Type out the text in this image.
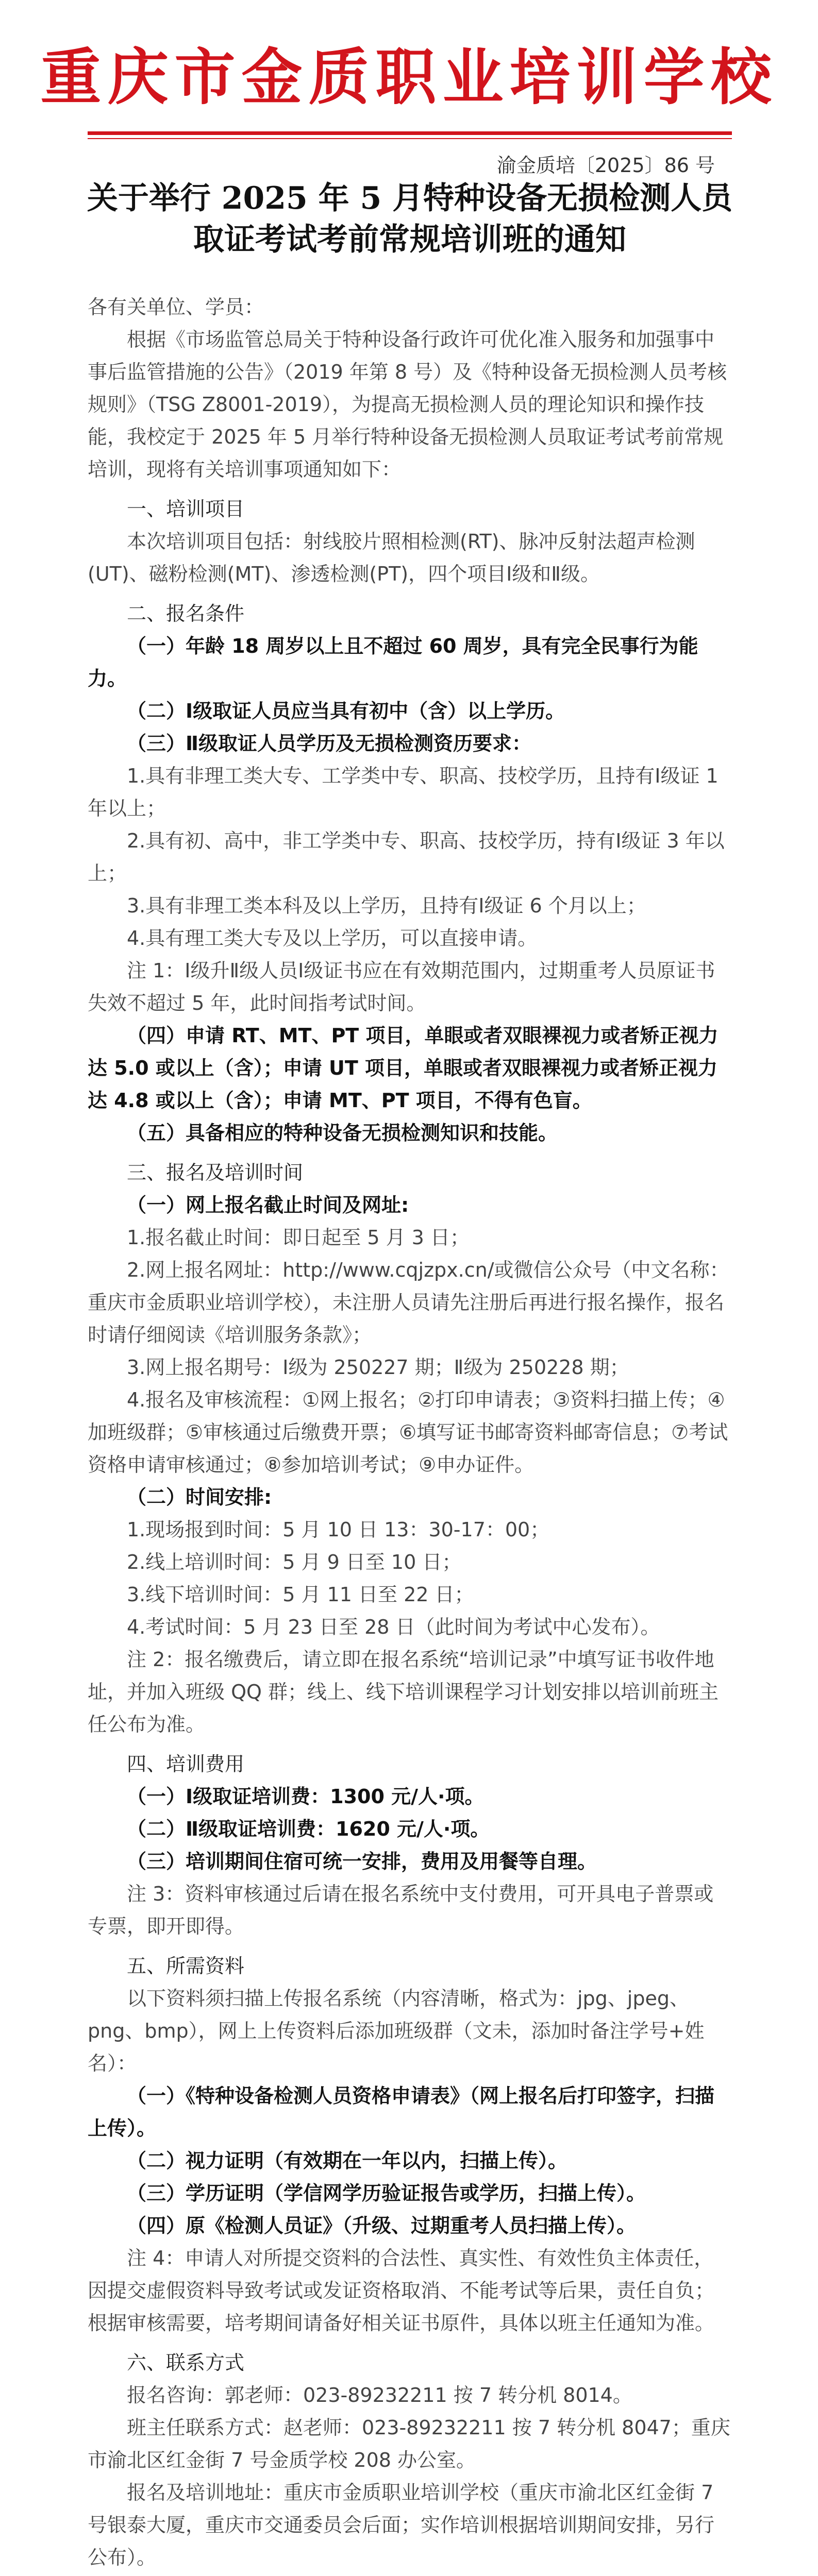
重庆市金质职业培训学校
渝金质培〔2025〕86 号
关于举行 2025 年 5 月特种设备无损检测人员
取证考试考前常规培训班的通知

各有关单位、学员：

根据《市场监管总局关于特种设备行政许可优化准入服务和加强事中事后监管措施的公告》（2019 年第 8 号）及《特种设备无损检测人员考核规则》（TSG Z8001-2019），为提高无损检测人员的理论知识和操作技能，我校定于 2025 年 5 月举行特种设备无损检测人员取证考试考前常规培训，现将有关培训事项通知如下：

一、培训项目

本次培训项目包括：射线胶片照相检测(RT)、脉冲反射法超声检测(UT)、磁粉检测(MT)、渗透检测(PT)，四个项目Ⅰ级和Ⅱ级。

二、报名条件

（一）年龄 18 周岁以上且不超过 60 周岁，具有完全民事行为能力。

（二）Ⅰ级取证人员应当具有初中（含）以上学历。

（三）Ⅱ级取证人员学历及无损检测资历要求：

1.具有非理工类大专、工学类中专、职高、技校学历，且持有Ⅰ级证 1 年以上；

2.具有初、高中，非工学类中专、职高、技校学历，持有Ⅰ级证 3 年以上；

3.具有非理工类本科及以上学历，且持有Ⅰ级证 6 个月以上；

4.具有理工类大专及以上学历，可以直接申请。

注 1：Ⅰ级升Ⅱ级人员Ⅰ级证书应在有效期范围内，过期重考人员原证书失效不超过 5 年，此时间指考试时间。

（四）申请 RT、MT、PT 项目，单眼或者双眼裸视力或者矫正视力达 5.0 或以上（含）；申请 UT 项目，单眼或者双眼裸视力或者矫正视力达 4.8 或以上（含）；申请 MT、PT 项目，不得有色盲。

（五）具备相应的特种设备无损检测知识和技能。

三、报名及培训时间

（一）网上报名截止时间及网址:

1.报名截止时间：即日起至 5 月 3 日；

2.网上报名网址：http://www.cqjzpx.cn/或微信公众号（中文名称：重庆市金质职业培训学校），未注册人员请先注册后再进行报名操作，报名时请仔细阅读《培训服务条款》；

3.网上报名期号：Ⅰ级为 250227 期；Ⅱ级为 250228 期；

4.报名及审核流程：①网上报名；②打印申请表；③资料扫描上传；④加班级群；⑤审核通过后缴费开票；⑥填写证书邮寄资料邮寄信息；⑦考试资格申请审核通过；⑧参加培训考试；⑨申办证件。

（二）时间安排:

1.现场报到时间：5 月 10 日 13：30-17：00；

2.线上培训时间：5 月 9 日至 10 日；

3.线下培训时间：5 月 11 日至 22 日；

4.考试时间：5 月 23 日至 28 日（此时间为考试中心发布）。

注 2：报名缴费后，请立即在报名系统“培训记录”中填写证书收件地址，并加入班级 QQ 群；线上、线下培训课程学习计划安排以培训前班主任公布为准。

四、培训费用

（一）Ⅰ级取证培训费：1300 元/人·项。

（二）Ⅱ级取证培训费：1620 元/人·项。

（三）培训期间住宿可统一安排，费用及用餐等自理。

注 3：资料审核通过后请在报名系统中支付费用，可开具电子普票或专票，即开即得。

五、所需资料

以下资料须扫描上传报名系统（内容清晰，格式为：jpg、jpeg、png、bmp），网上上传资料后添加班级群（文未，添加时备注学号+姓名）：

（一）《特种设备检测人员资格申请表》（网上报名后打印签字，扫描上传）。

（二）视力证明（有效期在一年以内，扫描上传）。

（三）学历证明（学信网学历验证报告或学历，扫描上传）。

（四）原《检测人员证》（升级、过期重考人员扫描上传）。

注 4：申请人对所提交资料的合法性、真实性、有效性负主体责任，因提交虚假资料导致考试或发证资格取消、不能考试等后果，责任自负；根据审核需要，培考期间请备好相关证书原件，具体以班主任通知为准。

六、联系方式

报名咨询：郭老师：023-89232211 按 7 转分机 8014。

班主任联系方式：赵老师：023-89232211 按 7 转分机 8047；重庆市渝北区红金街 7 号金质学校 208 办公室。

报名及培训地址：重庆市金质职业培训学校（重庆市渝北区红金街 7 号银泰大厦，重庆市交通委员会后面；实作培训根据培训期间安排，另行公布）。
